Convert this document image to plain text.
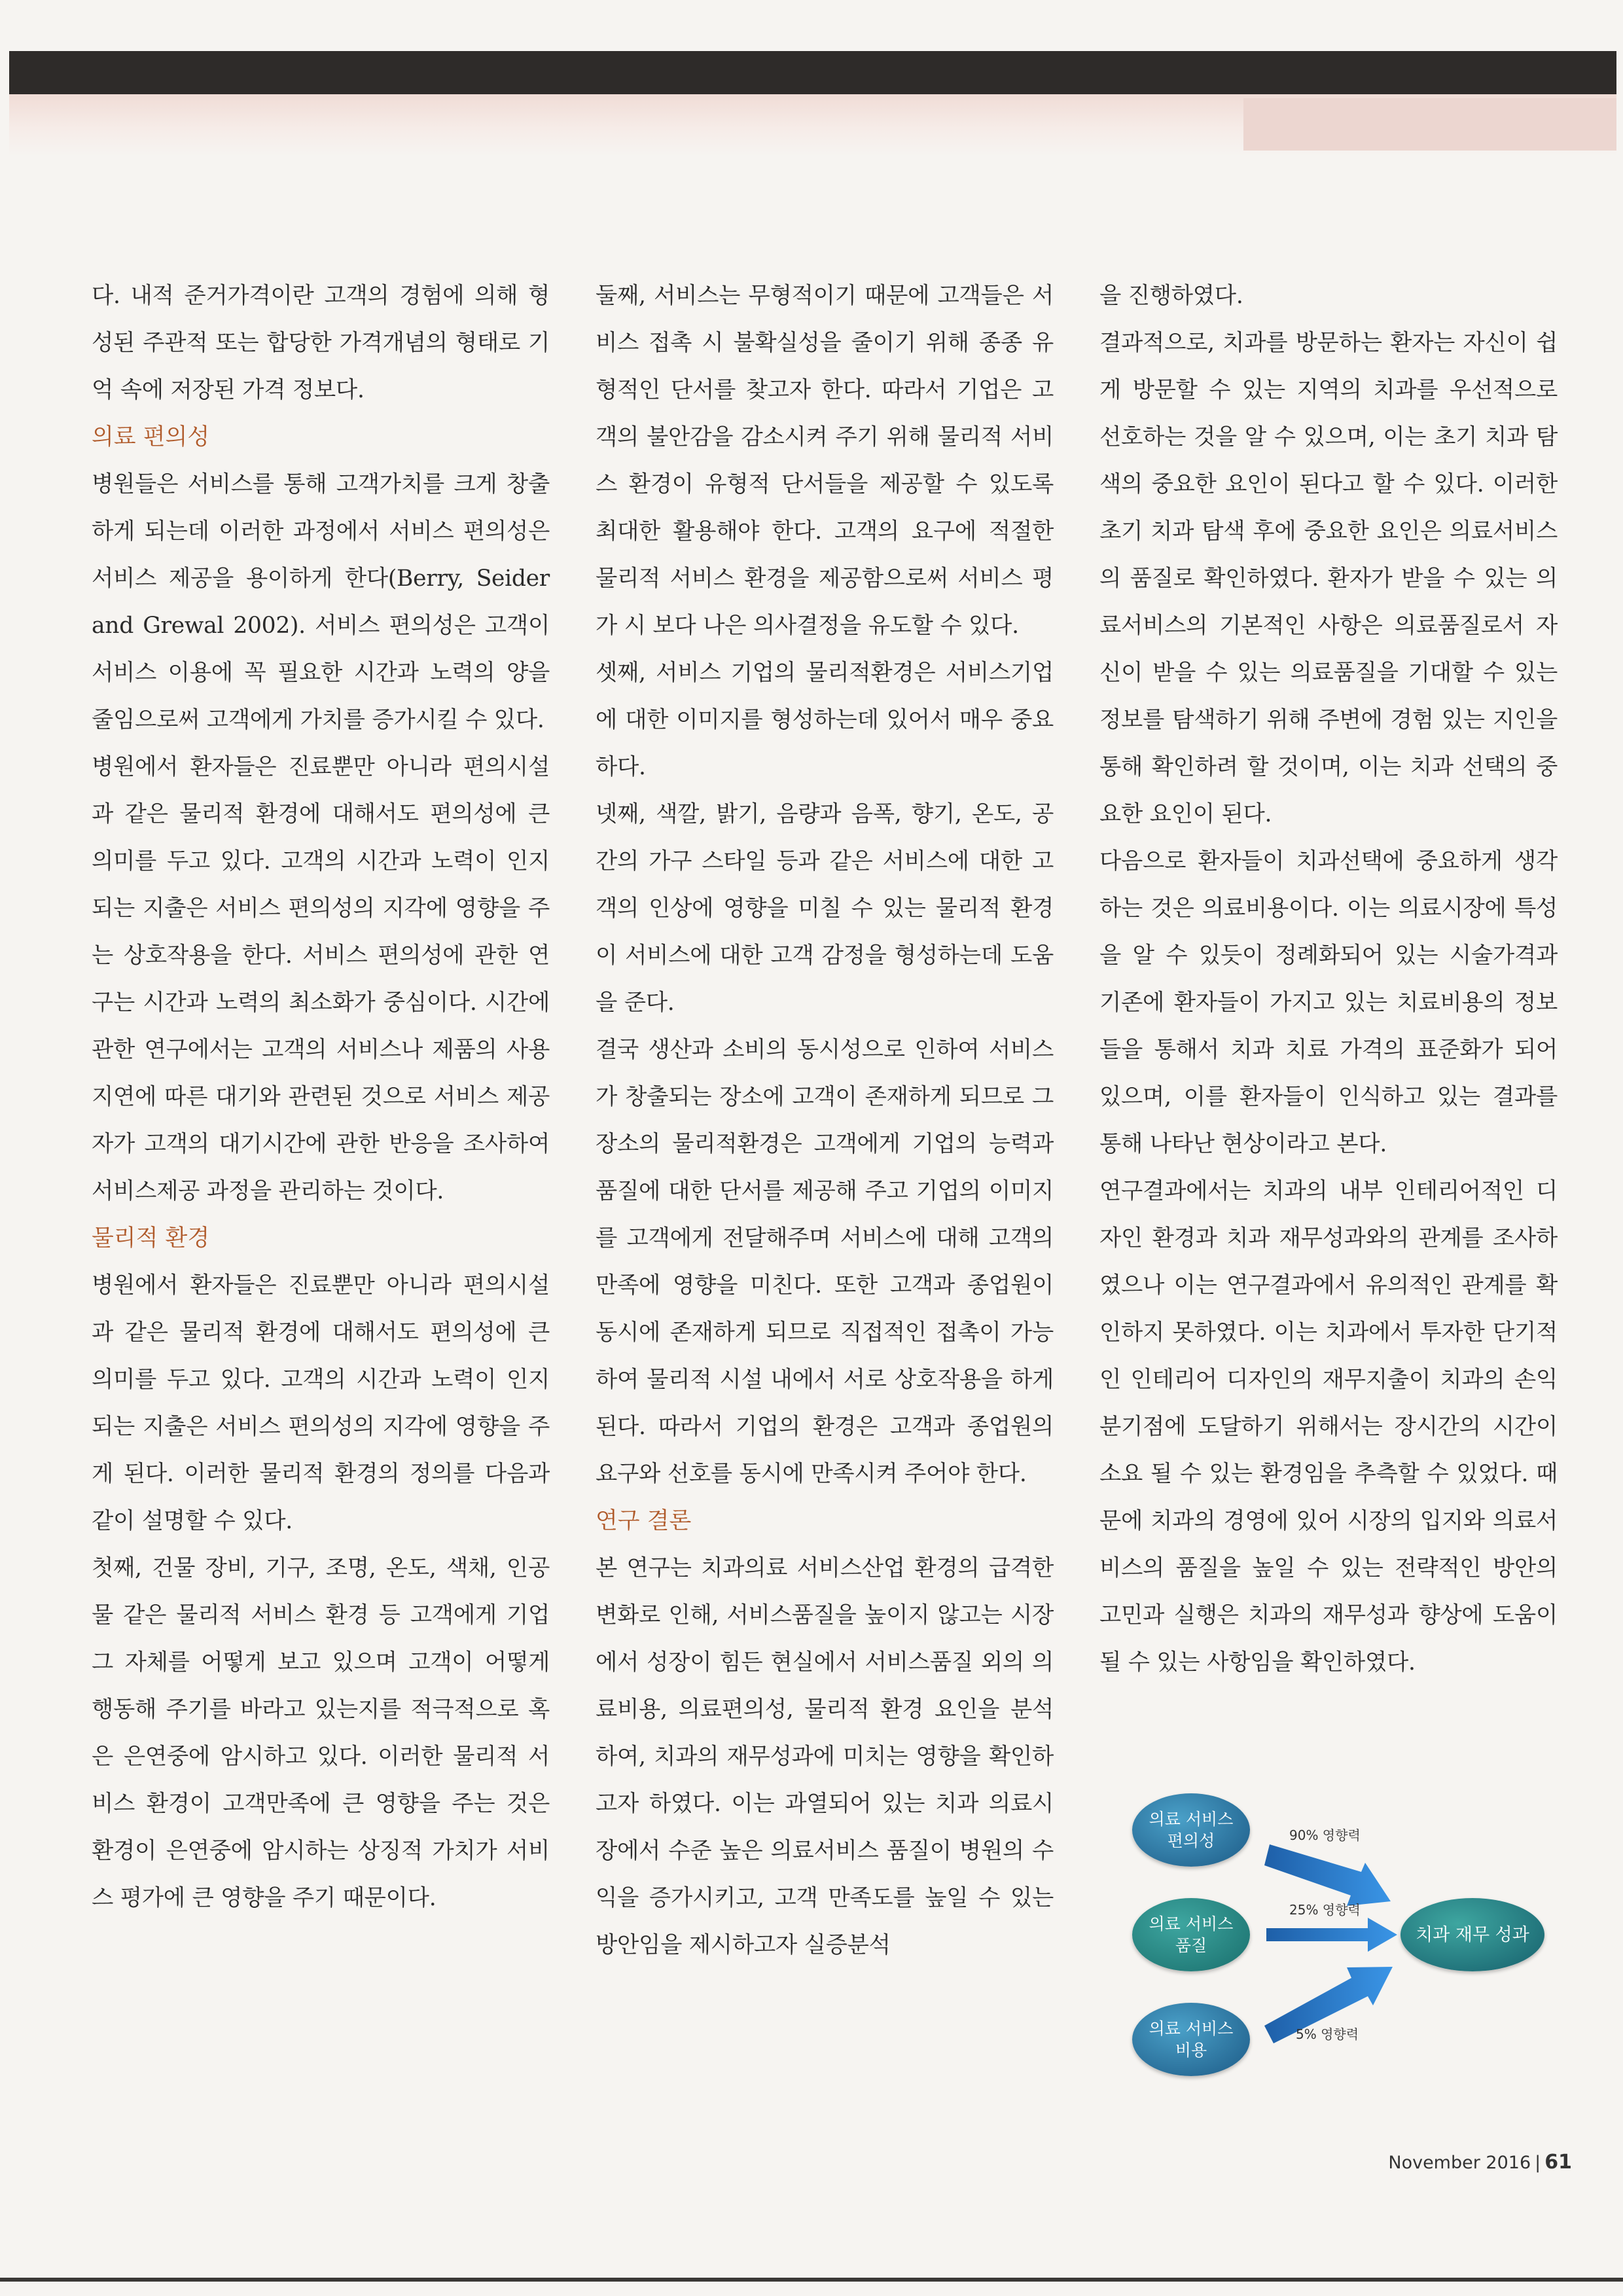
다. 내적 준거가격이란 고객의 경험에 의해 형성된 주관적 또는 합당한 가격개념의 형태로 기억 속에 저장된 가격 정보다.

의료 편의성

병원들은 서비스를 통해 고객가치를 크게 창출하게 되는데 이러한 과정에서 서비스 편의성은 서비스 제공을 용이하게 한다(Berry, Seider and Grewal 2002). 서비스 편의성은 고객이 서비스 이용에 꼭 필요한 시간과 노력의 양을 줄임으로써 고객에게 가치를 증가시킬 수 있다.

병원에서 환자들은 진료뿐만 아니라 편의시설과 같은 물리적 환경에 대해서도 편의성에 큰 의미를 두고 있다. 고객의 시간과 노력이 인지되는 지출은 서비스 편의성의 지각에 영향을 주는 상호작용을 한다. 서비스 편의성에 관한 연구는 시간과 노력의 최소화가 중심이다. 시간에 관한 연구에서는 고객의 서비스나 제품의 사용 지연에 따른 대기와 관련된 것으로 서비스 제공자가 고객의 대기시간에 관한 반응을 조사하여 서비스제공 과정을 관리하는 것이다.

물리적 환경

병원에서 환자들은 진료뿐만 아니라 편의시설과 같은 물리적 환경에 대해서도 편의성에 큰 의미를 두고 있다. 고객의 시간과 노력이 인지되는 지출은 서비스 편의성의 지각에 영향을 주게 된다. 이러한 물리적 환경의 정의를 다음과 같이 설명할 수 있다.

첫째, 건물 장비, 기구, 조명, 온도, 색채, 인공물 같은 물리적 서비스 환경 등 고객에게 기업 그 자체를 어떻게 보고 있으며 고객이 어떻게 행동해 주기를 바라고 있는지를 적극적으로 혹은 은연중에 암시하고 있다. 이러한 물리적 서비스 환경이 고객만족에 큰 영향을 주는 것은 환경이 은연중에 암시하는 상징적 가치가 서비스 평가에 큰 영향을 주기 때문이다.

둘째, 서비스는 무형적이기 때문에 고객들은 서비스 접촉 시 불확실성을 줄이기 위해 종종 유형적인 단서를 찾고자 한다. 따라서 기업은 고객의 불안감을 감소시켜 주기 위해 물리적 서비스 환경이 유형적 단서들을 제공할 수 있도록 최대한 활용해야 한다. 고객의 요구에 적절한 물리적 서비스 환경을 제공함으로써 서비스 평가 시 보다 나은 의사결정을 유도할 수 있다.

셋째, 서비스 기업의 물리적환경은 서비스기업에 대한 이미지를 형성하는데 있어서 매우 중요하다.

넷째, 색깔, 밝기, 음량과 음폭, 향기, 온도, 공간의 가구 스타일 등과 같은 서비스에 대한 고객의 인상에 영향을 미칠 수 있는 물리적 환경이 서비스에 대한 고객 감정을 형성하는데 도움을 준다.

결국 생산과 소비의 동시성으로 인하여 서비스가 창출되는 장소에 고객이 존재하게 되므로 그 장소의 물리적환경은 고객에게 기업의 능력과 품질에 대한 단서를 제공해 주고 기업의 이미지를 고객에게 전달해주며 서비스에 대해 고객의 만족에 영향을 미친다. 또한 고객과 종업원이 동시에 존재하게 되므로 직접적인 접촉이 가능하여 물리적 시설 내에서 서로 상호작용을 하게 된다. 따라서 기업의 환경은 고객과 종업원의 요구와 선호를 동시에 만족시켜 주어야 한다.

연구 결론

본 연구는 치과의료 서비스산업 환경의 급격한 변화로 인해, 서비스품질을 높이지 않고는 시장에서 성장이 힘든 현실에서 서비스품질 외의 의료비용, 의료편의성, 물리적 환경 요인을 분석하여, 치과의 재무성과에 미치는 영향을 확인하고자 하였다. 이는 과열되어 있는 치과 의료시장에서 수준 높은 의료서비스 품질이 병원의 수익을 증가시키고, 고객 만족도를 높일 수 있는 방안임을 제시하고자 실증분석

을 진행하였다.

결과적으로, 치과를 방문하는 환자는 자신이 쉽게 방문할 수 있는 지역의 치과를 우선적으로 선호하는 것을 알 수 있으며, 이는 초기 치과 탐색의 중요한 요인이 된다고 할 수 있다. 이러한 초기 치과 탐색 후에 중요한 요인은 의료서비스의 품질로 확인하였다. 환자가 받을 수 있는 의료서비스의 기본적인 사항은 의료품질로서 자신이 받을 수 있는 의료품질을 기대할 수 있는 정보를 탐색하기 위해 주변에 경험 있는 지인을 통해 확인하려 할 것이며, 이는 치과 선택의 중요한 요인이 된다.

다음으로 환자들이 치과선택에 중요하게 생각하는 것은 의료비용이다. 이는 의료시장에 특성을 알 수 있듯이 정례화되어 있는 시술가격과 기존에 환자들이 가지고 있는 치료비용의 정보들을 통해서 치과 치료 가격의 표준화가 되어 있으며, 이를 환자들이 인식하고 있는 결과를 통해 나타난 현상이라고 본다.

연구결과에서는 치과의 내부 인테리어적인 디자인 환경과 치과 재무성과와의 관계를 조사하였으나 이는 연구결과에서 유의적인 관계를 확인하지 못하였다. 이는 치과에서 투자한 단기적인 인테리어 디자인의 재무지출이 치과의 손익분기점에 도달하기 위해서는 장시간의 시간이 소요 될 수 있는 환경임을 추측할 수 있었다. 때문에 치과의 경영에 있어 시장의 입지와 의료서비스의 품질을 높일 수 있는 전략적인 방안의 고민과 실행은 치과의 재무성과 향상에 도움이 될 수 있는 사항임을 확인하였다.

의료 서비스
편의성
의료 서비스
품질
의료 서비스
비용
치과 재무 성과
90% 영향력
25% 영향력
5% 영향력
November 2016 | 61
